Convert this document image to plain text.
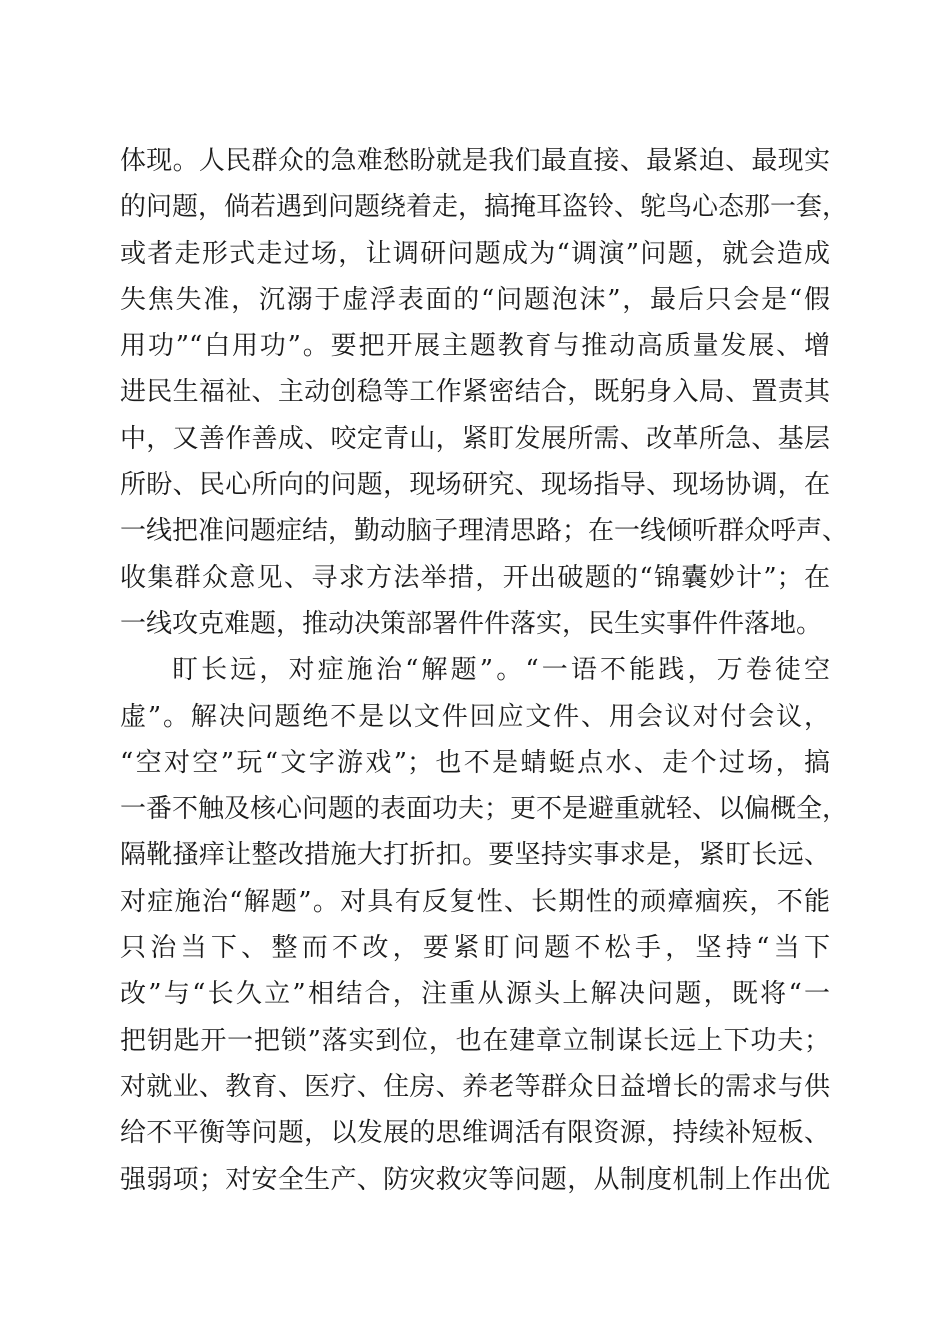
体现。人民群众的急难愁盼就是我们最直接、最紧迫、最现实
的问题，倘若遇到问题绕着走，搞掩耳盗铃、鸵鸟心态那一套，
或者走形式走过场，让调研问题成为“调演”问题，就会造成
失焦失准，沉溺于虚浮表面的“问题泡沫”，最后只会是“假
用功”“白用功”。要把开展主题教育与推动高质量发展、增
进民生福祉、主动创稳等工作紧密结合，既躬身入局、置责其
中，又善作善成、咬定青山，紧盯发展所需、改革所急、基层
所盼、民心所向的问题，现场研究、现场指导、现场协调，在
一线把准问题症结，勤动脑子理清思路；在一线倾听群众呼声、
收集群众意见、寻求方法举措，开出破题的“锦囊妙计”；在
一线攻克难题，推动决策部署件件落实，民生实事件件落地。
盯长远，对症施治“解题”。“一语不能践，万卷徒空
虚”。解决问题绝不是以文件回应文件、用会议对付会议，
“空对空”玩“文字游戏”；也不是蜻蜓点水、走个过场，搞
一番不触及核心问题的表面功夫；更不是避重就轻、以偏概全，
隔靴搔痒让整改措施大打折扣。要坚持实事求是，紧盯长远、
对症施治“解题”。对具有反复性、长期性的顽瘴痼疾，不能
只治当下、整而不改，要紧盯问题不松手，坚持“当下
改”与“长久立”相结合，注重从源头上解决问题，既将“一
把钥匙开一把锁”落实到位，也在建章立制谋长远上下功夫；
对就业、教育、医疗、住房、养老等群众日益增长的需求与供
给不平衡等问题，以发展的思维调活有限资源，持续补短板、
强弱项；对安全生产、防灾救灾等问题，从制度机制上作出优
